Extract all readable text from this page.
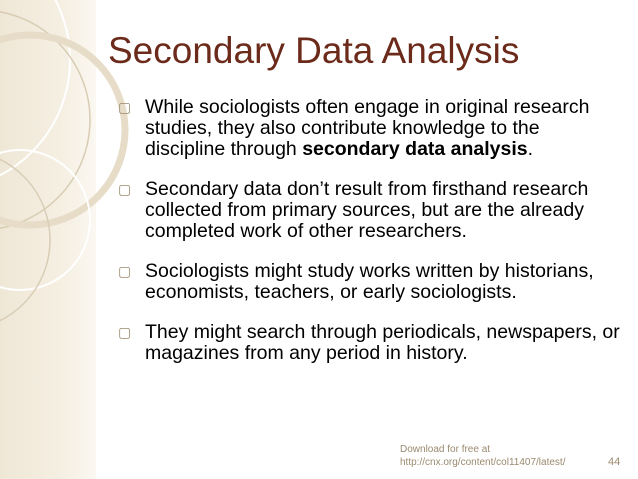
Secondary Data Analysis
▢ While sociologists often engage in original research studies, they also contribute knowledge to the discipline through secondary data analysis.
▢ Secondary data don’t result from firsthand research collected from primary sources, but are the already completed work of other researchers.
▢ Sociologists might study works written by historians, economists, teachers, or early sociologists.
▢ They might search through periodicals, newspapers, or magazines from any period in history.
Download for free at
http://cnx.org/content/col11407/latest/	44
